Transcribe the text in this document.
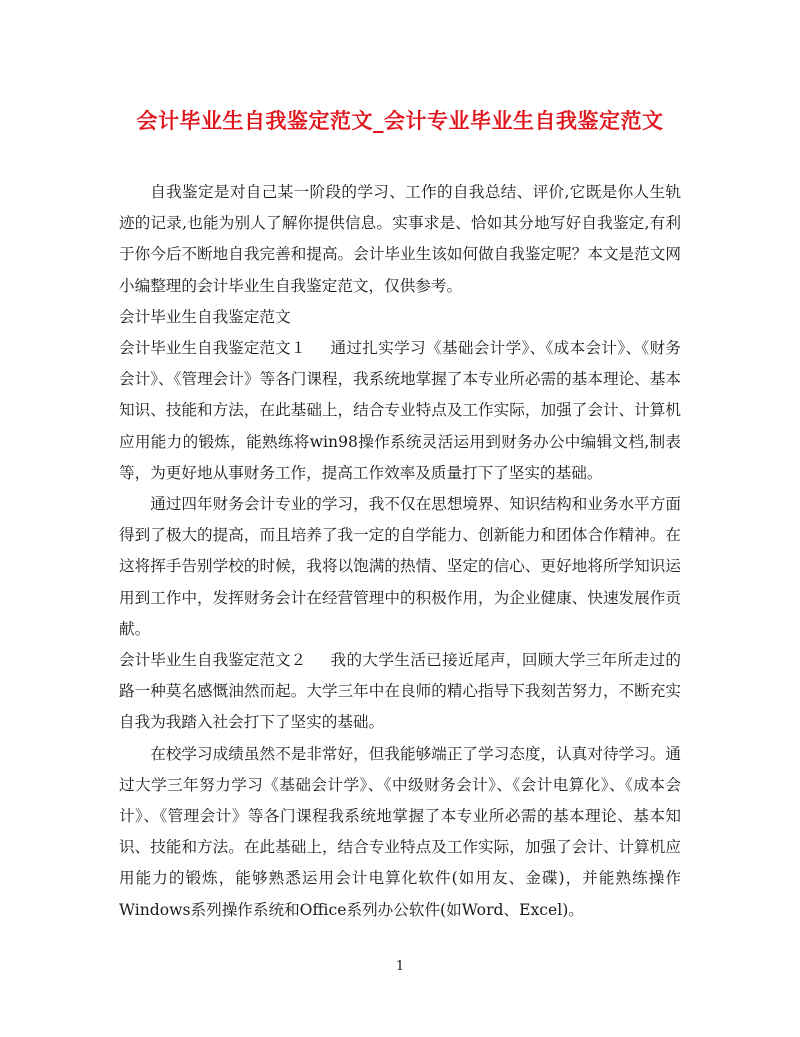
会计毕业生自我鉴定范文_会计专业毕业生自我鉴定范文

自我鉴定是对自己某一阶段的学习、工作的自我总结、评价,它既是你人生轨迹的记录,也能为别人了解你提供信息。实事求是、恰如其分地写好自我鉴定,有利于你今后不断地自我完善和提高。会计毕业生该如何做自我鉴定呢？本文是范文网小编整理的会计毕业生自我鉴定范文，仅供参考。

会计毕业生自我鉴定范文

会计毕业生自我鉴定范文１ 通过扎实学习《基础会计学》、《成本会计》、《财务会计》、《管理会计》等各门课程，我系统地掌握了本专业所必需的基本理论、基本知识、技能和方法，在此基础上，结合专业特点及工作实际，加强了会计、计算机应用能力的锻炼，能熟练将win98操作系统灵活运用到财务办公中编辑文档,制表等，为更好地从事财务工作，提高工作效率及质量打下了坚实的基础。

通过四年财务会计专业的学习，我不仅在思想境界、知识结构和业务水平方面得到了极大的提高，而且培养了我一定的自学能力、创新能力和团体合作精神。在这将挥手告别学校的时候，我将以饱满的热情、坚定的信心、更好地将所学知识运用到工作中，发挥财务会计在经营管理中的积极作用，为企业健康、快速发展作贡献。

会计毕业生自我鉴定范文２ 我的大学生活已接近尾声，回顾大学三年所走过的路一种莫名感慨油然而起。大学三年中在良师的精心指导下我刻苦努力，不断充实自我为我踏入社会打下了坚实的基础。

在校学习成绩虽然不是非常好，但我能够端正了学习态度，认真对待学习。通过大学三年努力学习《基础会计学》、《中级财务会计》、《会计电算化》、《成本会计》、《管理会计》等各门课程我系统地掌握了本专业所必需的基本理论、基本知识、技能和方法。在此基础上，结合专业特点及工作实际，加强了会计、计算机应用能力的锻炼，能够熟悉运用会计电算化软件(如用友、金碟)，并能熟练操作Windows系列操作系统和Office系列办公软件(如Word、Excel)。

1
